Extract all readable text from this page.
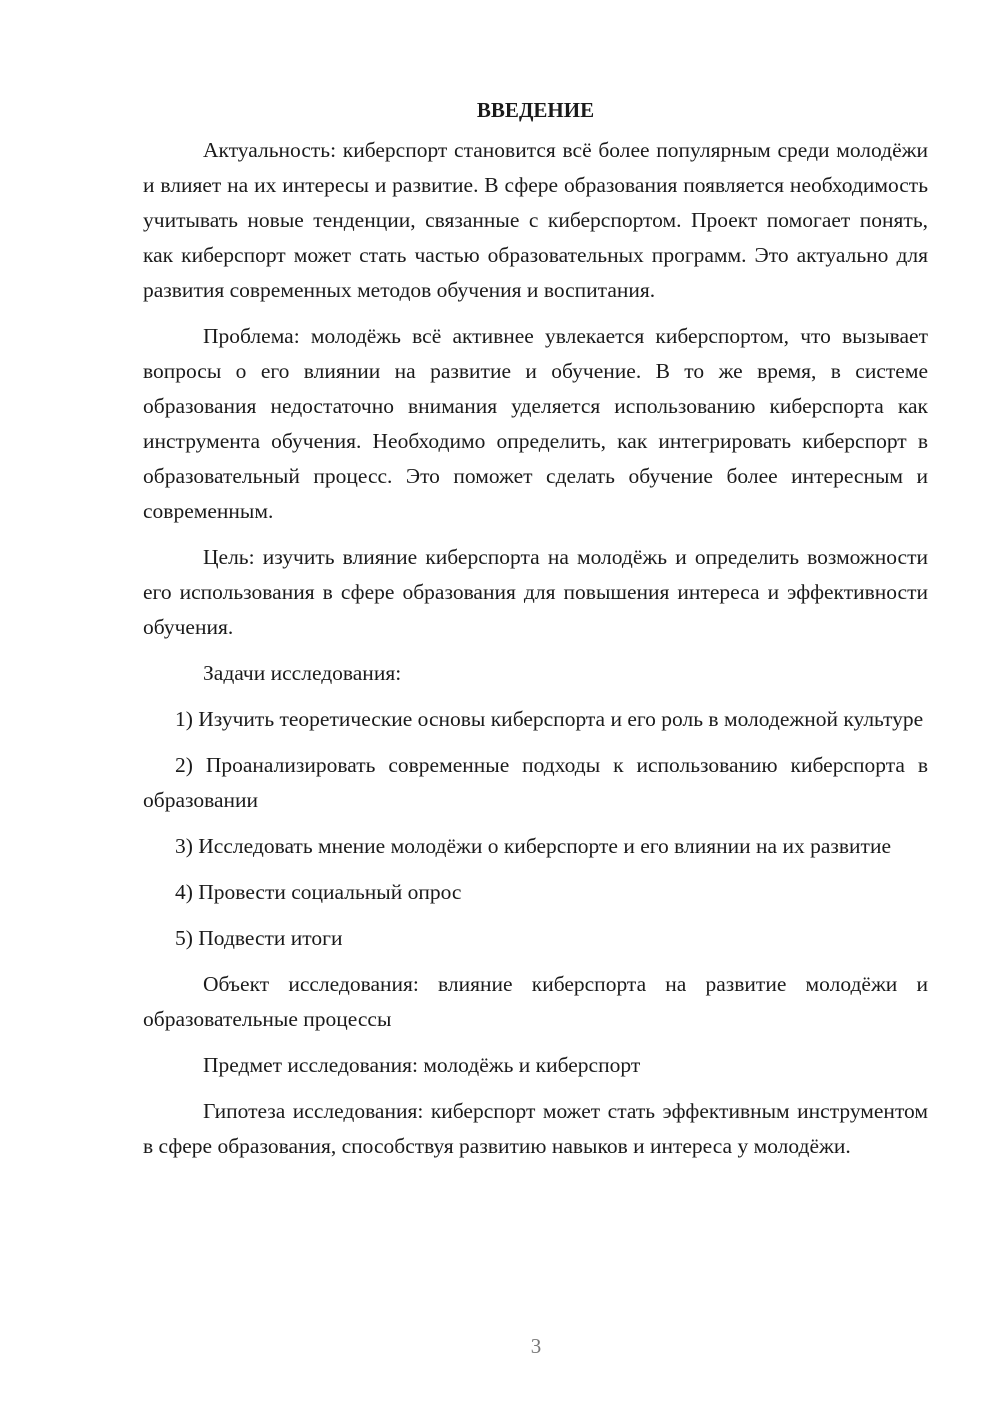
ВВЕДЕНИЕ

Актуальность: киберспорт становится всё более популярным среди молодёжи и влияет на их интересы и развитие. В сфере образования появляется необходимость учитывать новые тенденции, связанные с киберспортом. Проект помогает понять, как киберспорт может стать частью образовательных программ. Это актуально для развития современных методов обучения и воспитания.

Проблема: молодёжь всё активнее увлекается киберспортом, что вызывает вопросы о его влиянии на развитие и обучение. В то же время, в системе образования недостаточно внимания уделяется использованию киберспорта как инструмента обучения. Необходимо определить, как интегрировать киберспорт в образовательный процесс. Это поможет сделать обучение более интересным и современным.

Цель: изучить влияние киберспорта на молодёжь и определить возможности его использования в сфере образования для повышения интереса и эффективности обучения.

Задачи исследования:

1) Изучить теоретические основы киберспорта и его роль в молодежной культуре

2) Проанализировать современные подходы к использованию киберспорта в образовании

3) Исследовать мнение молодёжи о киберспорте и его влиянии на их развитие

4) Провести социальный опрос

5) Подвести итоги

Объект исследования: влияние киберспорта на развитие молодёжи и образовательные процессы

Предмет исследования: молодёжь и киберспорт

Гипотеза исследования: киберспорт может стать эффективным инструментом в сфере образования, способствуя развитию навыков и интереса у молодёжи.

3
